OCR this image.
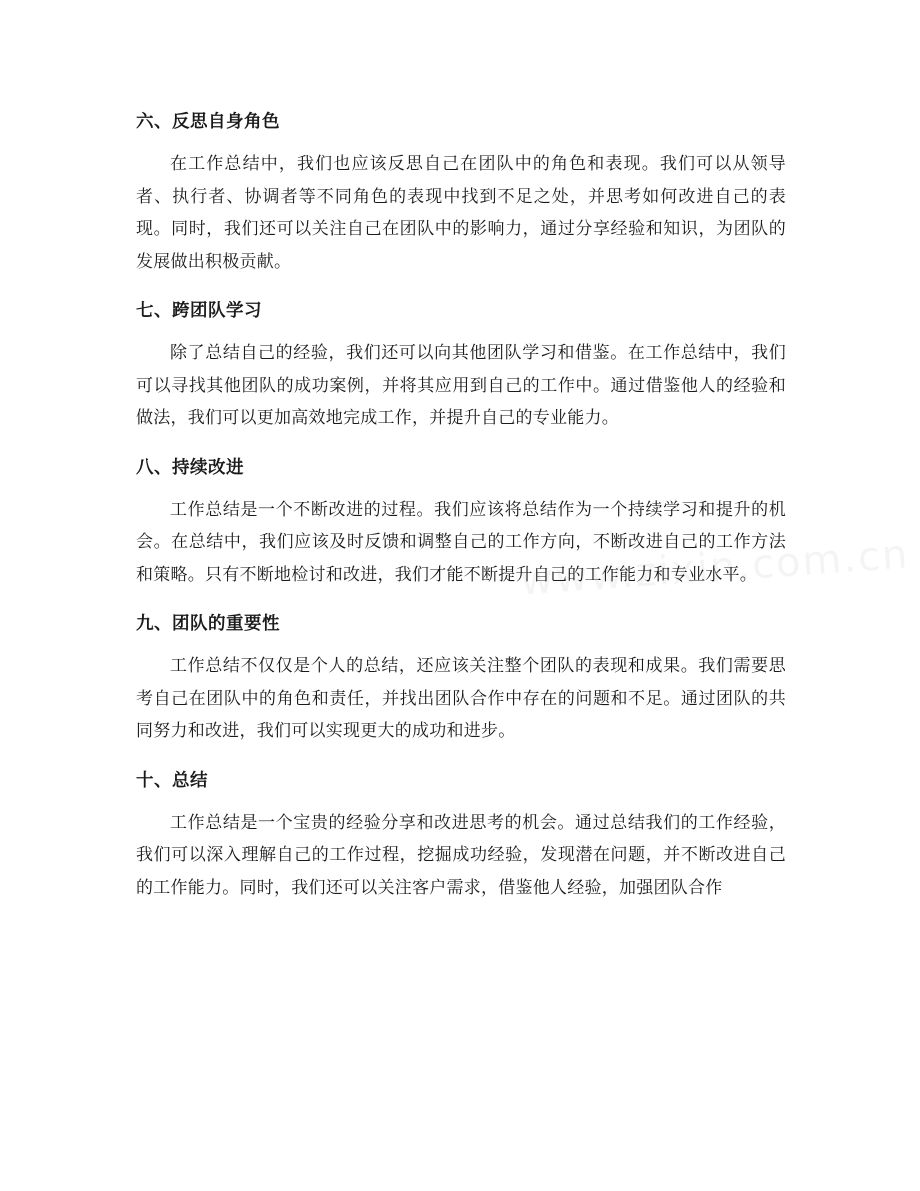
六、反思自身角色

在工作总结中，我们也应该反思自己在团队中的角色和表现。我们可以从领导者、执行者、协调者等不同角色的表现中找到不足之处，并思考如何改进自己的表现。同时，我们还可以关注自己在团队中的影响力，通过分享经验和知识，为团队的发展做出积极贡献。

七、跨团队学习

除了总结自己的经验，我们还可以向其他团队学习和借鉴。在工作总结中，我们可以寻找其他团队的成功案例，并将其应用到自己的工作中。通过借鉴他人的经验和做法，我们可以更加高效地完成工作，并提升自己的专业能力。

八、持续改进

工作总结是一个不断改进的过程。我们应该将总结作为一个持续学习和提升的机会。在总结中，我们应该及时反馈和调整自己的工作方向，不断改进自己的工作方法和策略。只有不断地检讨和改进，我们才能不断提升自己的工作能力和专业水平。

九、团队的重要性

工作总结不仅仅是个人的总结，还应该关注整个团队的表现和成果。我们需要思考自己在团队中的角色和责任，并找出团队合作中存在的问题和不足。通过团队的共同努力和改进，我们可以实现更大的成功和进步。

十、总结

工作总结是一个宝贵的经验分享和改进思考的机会。通过总结我们的工作经验，我们可以深入理解自己的工作过程，挖掘成功经验，发现潜在问题，并不断改进自己的工作能力。同时，我们还可以关注客户需求，借鉴他人经验，加强团队合作
